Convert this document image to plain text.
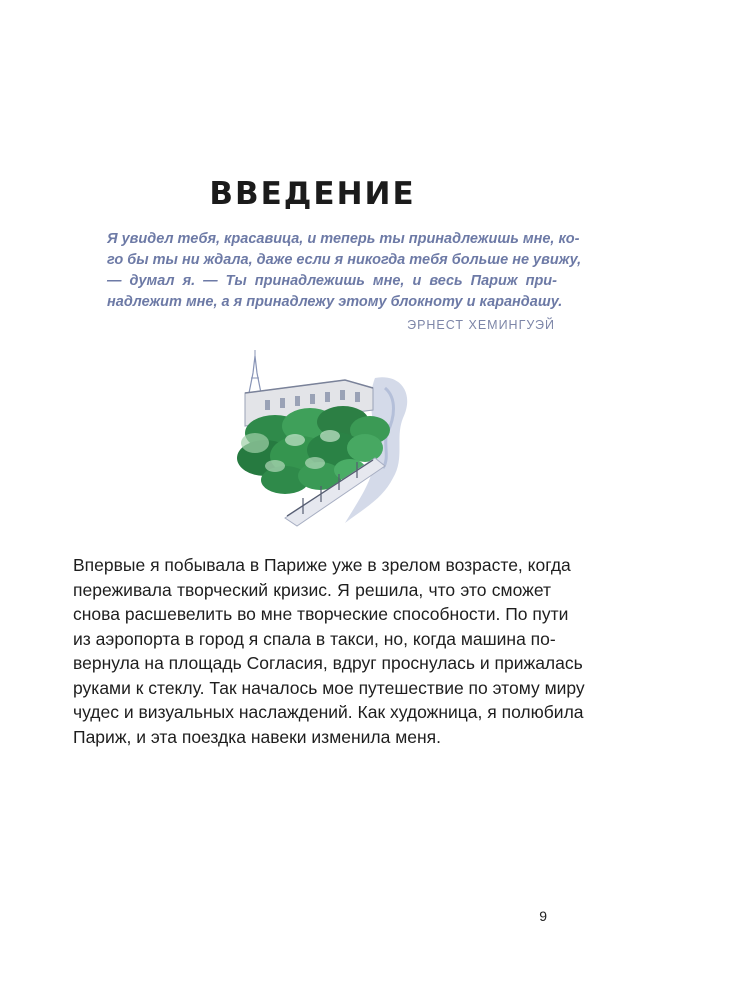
ВВЕДЕНИЕ
Я увидел тебя, красавица, и теперь ты принадлежишь мне, ко-
го бы ты ни ждала, даже если я никогда тебя больше не увижу,
— думал я. — Ты принадлежишь мне, и весь Париж при-
надлежит мне, а я принадлежу этому блокноту и карандашу.
ЭРНЕСТ ХЕМИНГУЭЙ
Впервые я побывала в Париже уже в зрелом возрасте, когда
переживала творческий кризис. Я решила, что это сможет
снова расшевелить во мне творческие способности. По пути
из аэропорта в город я спала в такси, но, когда машина по-
вернула на площадь Согласия, вдруг проснулась и прижалась
руками к стеклу. Так началось мое путешествие по этому миру
чудес и визуальных наслаждений. Как художница, я полюбила
Париж, и эта поездка навеки изменила меня.
9
